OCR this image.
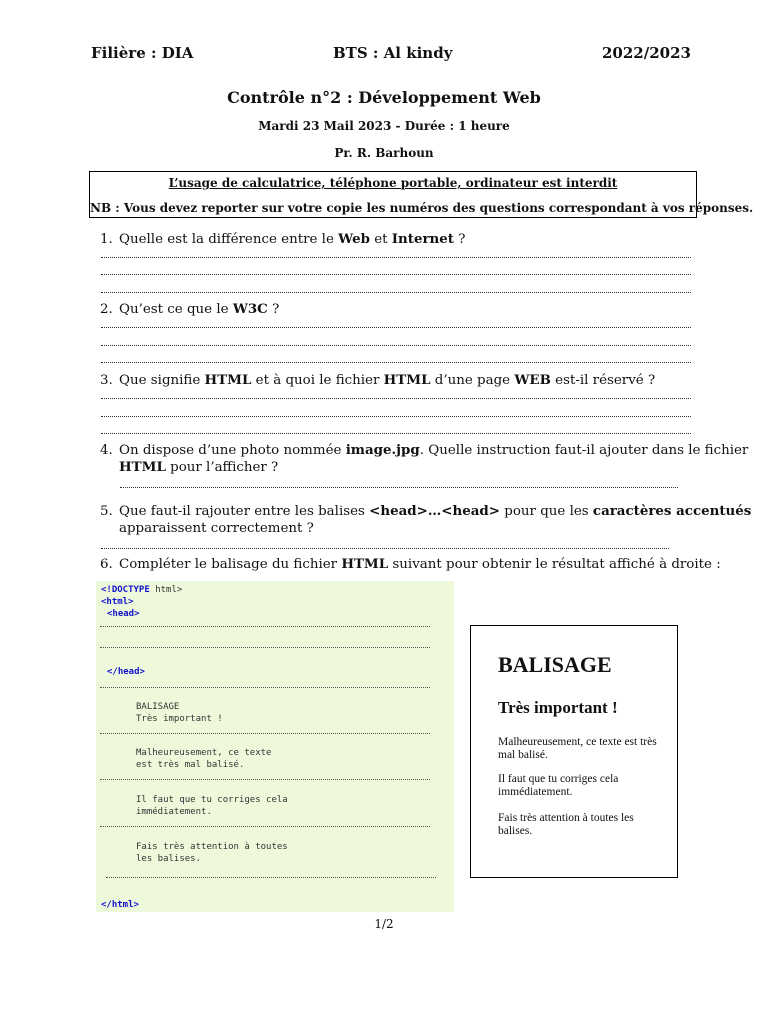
Filière : DIA	BTS : Al kindy	2022/2023
Contrôle n°2 : Développement Web
Mardi 23 Mail 2023 - Durée : 1 heure
Pr. R. Barhoun
L’usage de calculatrice, téléphone portable, ordinateur est interdit
NB : Vous devez reporter sur votre copie les numéros des questions correspondant à vos réponses.
1. Quelle est la différence entre le Web et Internet ?
2. Qu’est ce que le W3C ?
3. Que signifie HTML et à quoi le fichier HTML d’une page WEB est-il réservé ?
4. On dispose d’une photo nommée image.jpg. Quelle instruction faut-il ajouter dans le fichier
HTML pour l’afficher ?
5. Que faut-il rajouter entre les balises <head>…<head> pour que les caractères accentués
apparaissent correctement ?
6. Compléter le balisage du fichier HTML suivant pour obtenir le résultat affiché à droite :
<!DOCTYPE html>
<html>
<head>
</head>
BALISAGE
Très important !
Malheureusement, ce texte
est très mal balisé.
Il faut que tu corriges cela
immédiatement.
Fais très attention à toutes
les balises.
</html>
BALISAGE
Très important !

Malheureusement, ce texte est très mal balisé.

Il faut que tu corriges cela immédiatement.

Fais très attention à toutes les balises.

1/2
